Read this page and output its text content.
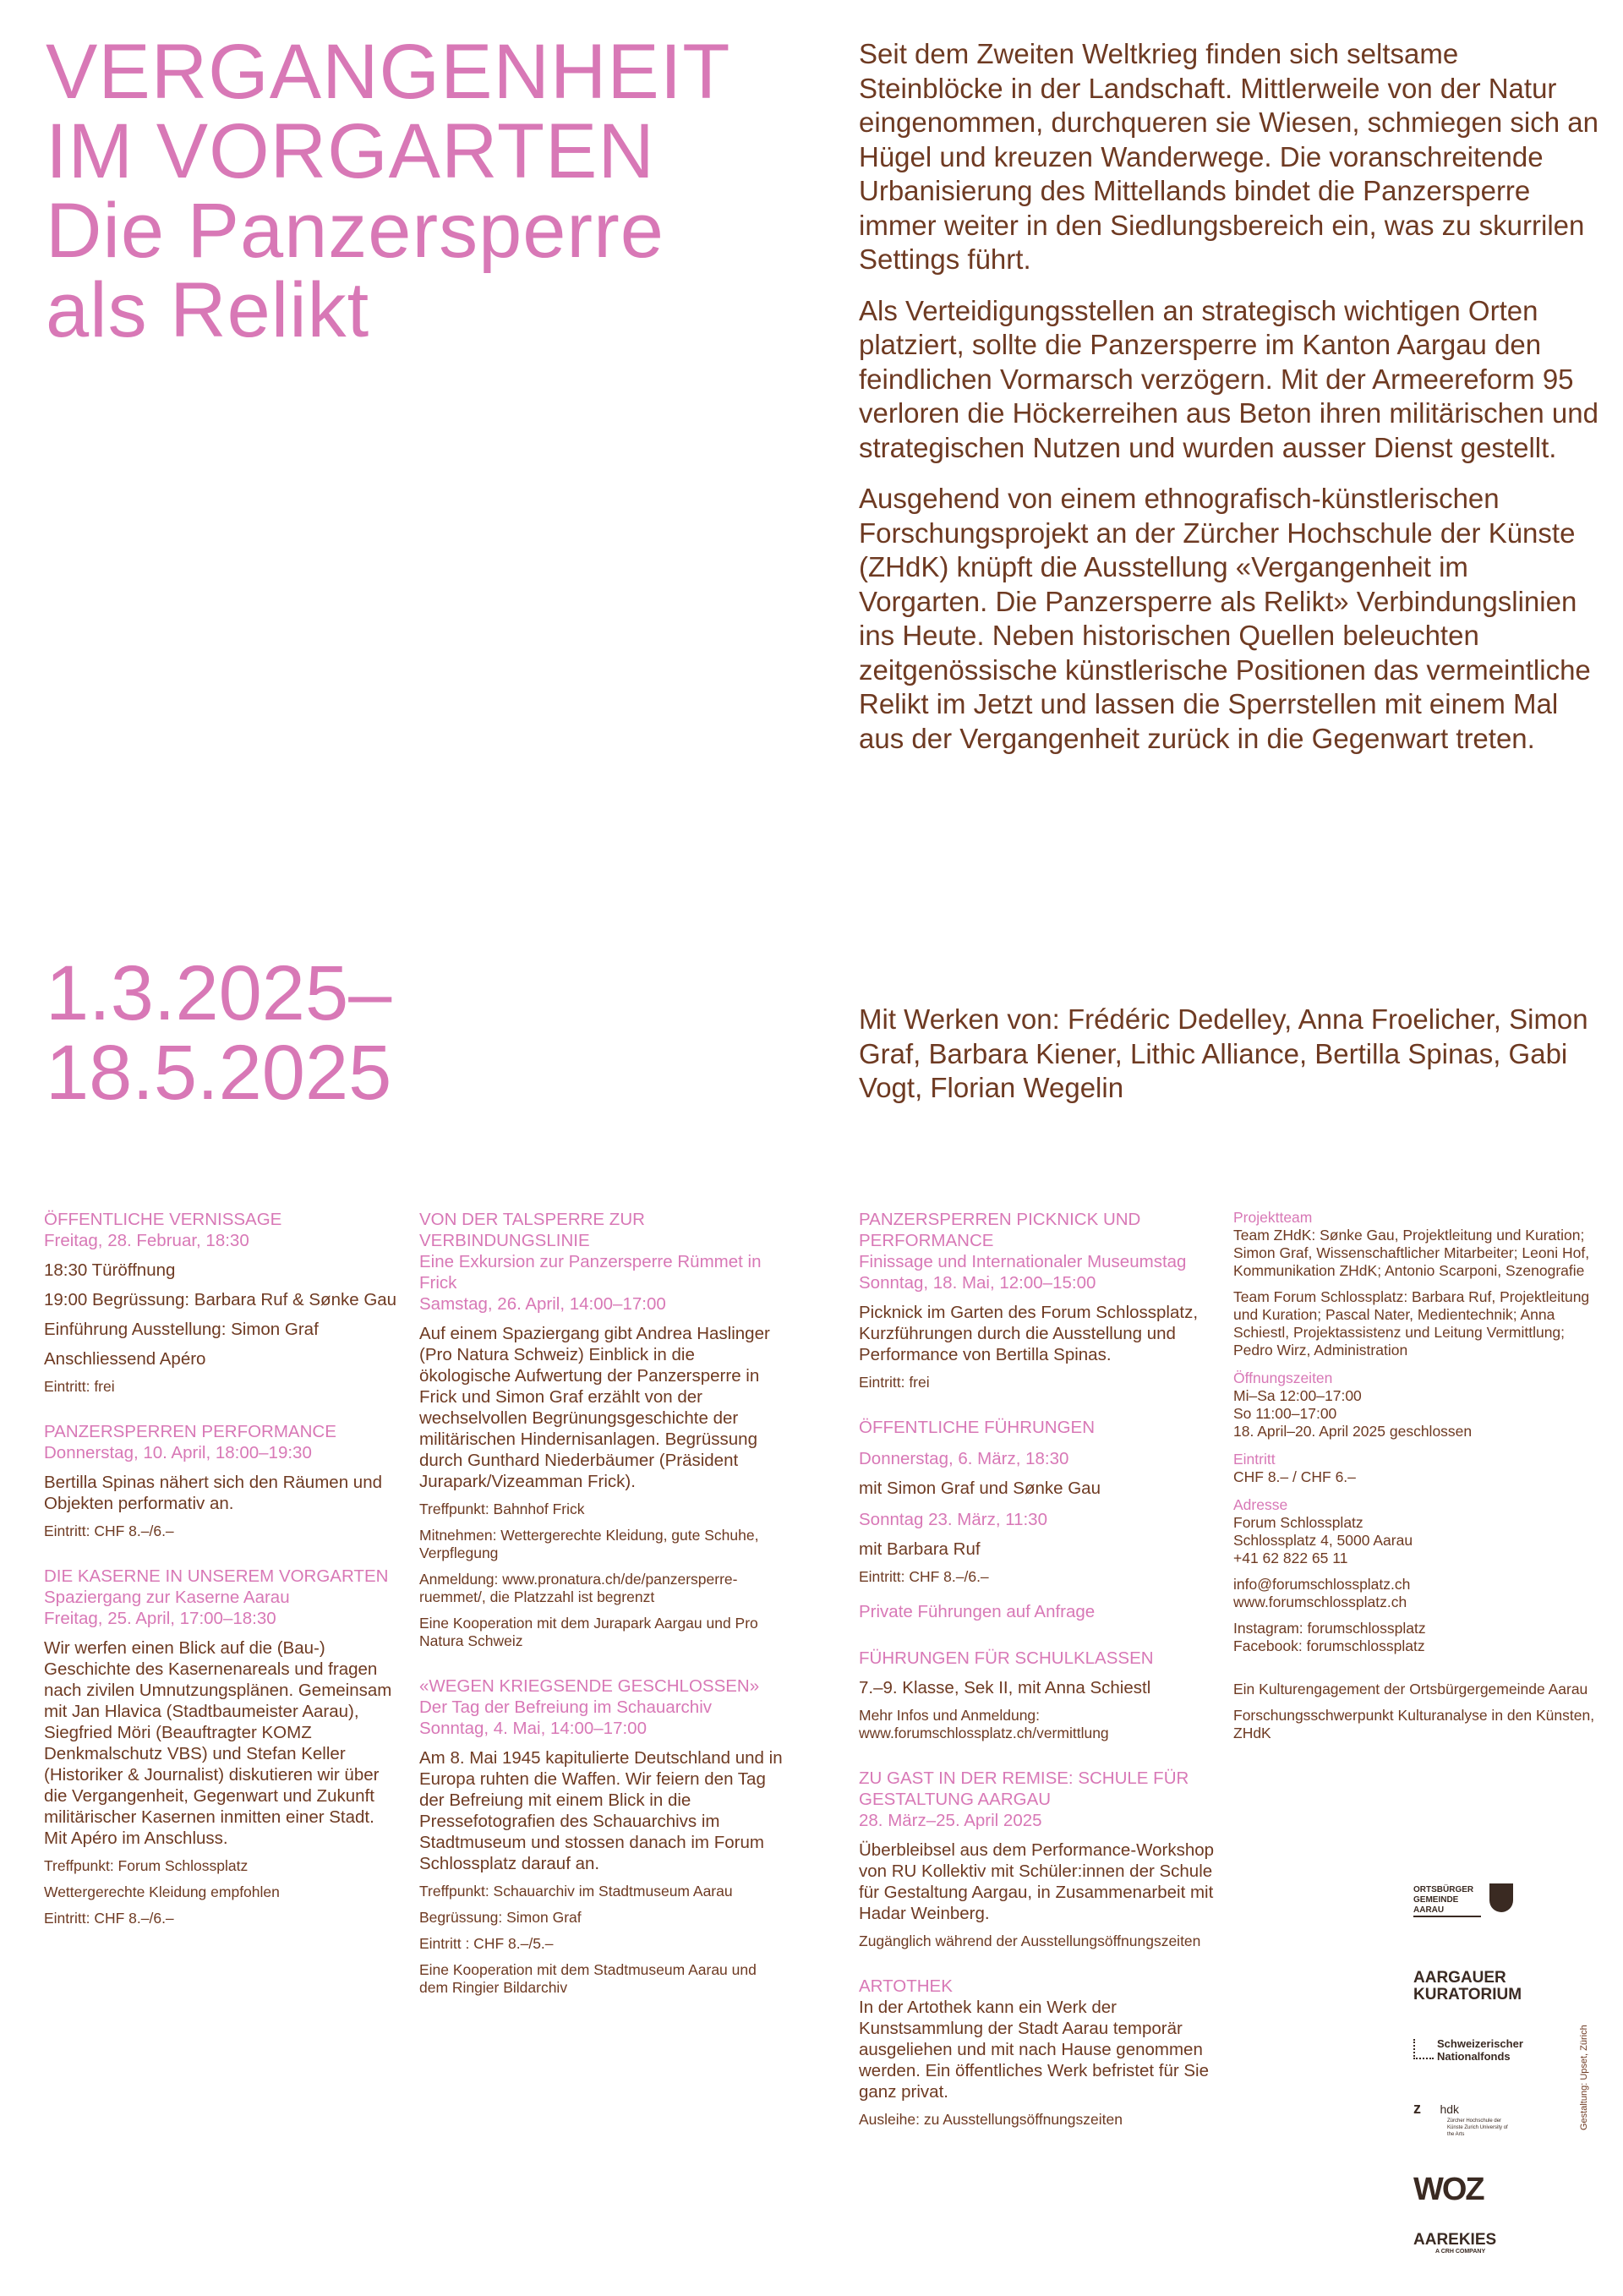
VERGANGENHEIT
IM VORGARTEN
Die Panzersperre
als Relikt

Seit dem Zweiten Weltkrieg finden sich seltsame Steinblöcke in der Landschaft. Mittlerweile von der Natur eingenommen, durchqueren sie Wiesen, schmiegen sich an Hügel und kreuzen Wanderwege. Die voranschreitende Urbanisierung des Mittellands bindet die Panzersperre immer weiter in den Siedlungsbereich ein, was zu skurrilen Settings führt.

Als Verteidigungsstellen an strategisch wichtigen Orten platziert, sollte die Panzersperre im Kanton Aargau den feindlichen Vormarsch verzögern. Mit der Armeereform 95 verloren die Höckerreihen aus Beton ihren militärischen und strategischen Nutzen und wurden ausser Dienst gestellt.

Ausgehend von einem ethnografisch-künstlerischen Forschungsprojekt an der Zürcher Hochschule der Künste (ZHdK) knüpft die Ausstellung «Vergangenheit im Vorgarten. Die Panzersperre als Relikt» Verbindungslinien ins Heute. Neben historischen Quellen beleuchten zeitgenössische künstlerische Positionen das vermeintliche Relikt im Jetzt und lassen die Sperrstellen mit einem Mal aus der Vergangenheit zurück in die Gegenwart treten.

1.3.2025–
18.5.2025
Mit Werken von: Frédéric Dedelley, Anna Froelicher, Simon Graf, Barbara Kiener, Lithic Alliance, Bertilla Spinas, Gabi Vogt, Florian Wegelin
ÖFFENTLICHE VERNISSAGE
Freitag, 28. Februar, 18:30
18:30 Türöffnung
19:00 Begrüssung: Barbara Ruf & Sønke Gau
Einführung Ausstellung: Simon Graf
Anschliessend Apéro
Eintritt: frei
PANZERSPERREN PERFORMANCE
Donnerstag, 10. April, 18:00–19:30
Bertilla Spinas nähert sich den Räumen und Objekten performativ an.
Eintritt: CHF 8.–/6.–
DIE KASERNE IN UNSEREM VORGARTEN
Spaziergang zur Kaserne Aarau
Freitag, 25. April, 17:00–18:30
Wir werfen einen Blick auf die (Bau-) Geschichte des Kasernenareals und fragen nach zivilen Umnutzungsplänen. Gemeinsam mit Jan Hlavica (Stadtbaumeister Aarau), Siegfried Möri (Beauftragter KOMZ Denkmalschutz VBS) und Stefan Keller (Historiker & Journalist) diskutieren wir über die Vergangenheit, Gegenwart und Zukunft militärischer Kasernen inmitten einer Stadt. Mit Apéro im Anschluss.
Treffpunkt: Forum Schlossplatz
Wettergerechte Kleidung empfohlen
Eintritt: CHF 8.–/6.–
VON DER TALSPERRE ZUR VERBINDUNGSLINIE
Eine Exkursion zur Panzersperre Rümmet in Frick
Samstag, 26. April, 14:00–17:00
Auf einem Spaziergang gibt Andrea Haslinger (Pro Natura Schweiz) Einblick in die ökologische Aufwertung der Panzersperre in Frick und Simon Graf erzählt von der wechselvollen Begrünungsgeschichte der militärischen Hindernisanlagen. Begrüssung durch Gunthard Niederbäumer (Präsident Jurapark/Vizeamman Frick).
Treffpunkt: Bahnhof Frick
Mitnehmen: Wettergerechte Kleidung, gute Schuhe, Verpflegung
Anmeldung: www.pronatura.ch/de/panzersperre-ruemmet/, die Platzzahl ist begrenzt
Eine Kooperation mit dem Jurapark Aargau und Pro Natura Schweiz
«WEGEN KRIEGSENDE GESCHLOSSEN»
Der Tag der Befreiung im Schauarchiv
Sonntag, 4. Mai, 14:00–17:00
Am 8. Mai 1945 kapitulierte Deutschland und in Europa ruhten die Waffen. Wir feiern den Tag der Befreiung mit einem Blick in die Pressefotografien des Schauarchivs im Stadtmuseum und stossen danach im Forum Schlossplatz darauf an.
Treffpunkt: Schauarchiv im Stadtmuseum Aarau
Begrüssung: Simon Graf
Eintritt : CHF 8.–/5.–
Eine Kooperation mit dem Stadtmuseum Aarau und dem Ringier Bildarchiv
PANZERSPERREN PICKNICK UND PERFORMANCE
Finissage und Internationaler Museumstag
Sonntag, 18. Mai, 12:00–15:00
Picknick im Garten des Forum Schlossplatz, Kurzführungen durch die Ausstellung und Performance von Bertilla Spinas.
Eintritt: frei
ÖFFENTLICHE FÜHRUNGEN
Donnerstag, 6. März, 18:30
mit Simon Graf und Sønke Gau
Sonntag 23. März, 11:30
mit Barbara Ruf
Eintritt: CHF 8.–/6.–
Private Führungen auf Anfrage
FÜHRUNGEN FÜR SCHULKLASSEN
7.–9. Klasse, Sek II, mit Anna Schiestl
Mehr Infos und Anmeldung: www.forumschlossplatz.ch/vermittlung
ZU GAST IN DER REMISE: SCHULE FÜR GESTALTUNG AARGAU
28. März–25. April 2025
Überbleibsel aus dem Performance-Workshop von RU Kollektiv mit Schüler:innen der Schule für Gestaltung Aargau, in Zusammenarbeit mit Hadar Weinberg.
Zugänglich während der Ausstellungsöffnungszeiten
ARTOTHEK
In der Artothek kann ein Werk der Kunstsammlung der Stadt Aarau temporär ausgeliehen und mit nach Hause genommen werden. Ein öffentliches Werk befristet für Sie ganz privat.
Ausleihe: zu Ausstellungsöffnungszeiten
Projektteam
Team ZHdK: Sønke Gau, Projektleitung und Kuration; Simon Graf, Wissenschaftlicher Mitarbeiter; Leoni Hof, Kommunikation ZHdK; Antonio Scarponi, Szenografie
Team Forum Schlossplatz: Barbara Ruf, Projektleitung und Kuration; Pascal Nater, Medientechnik; Anna Schiestl, Projektassistenz und Leitung Vermittlung; Pedro Wirz, Administration
Öffnungszeiten
Mi–Sa 12:00–17:00
So 11:00–17:00
18. April–20. April 2025 geschlossen
Eintritt
CHF 8.– / CHF 6.–
Adresse
Forum Schlossplatz
Schlossplatz 4, 5000 Aarau
+41 62 822 65 11
info@forumschlossplatz.ch
www.forumschlossplatz.ch
Instagram: forumschlossplatz
Facebook: forumschlossplatz
Ein Kulturengagement der Ortsbürgergemeinde Aarau
Forschungsschwerpunkt Kulturanalyse in den Künsten, ZHdK
ORTSBÜRGER GEMEINDE AARAU
AARGAUER
KURATORIUM
Schweizerischer
Nationalfonds
z hdk
Zürcher Hochschule der Künste Zurich University of the Arts
WOZ
AAREKIES
A CRH COMPANY
Gestaltung: Upset, Zürich
